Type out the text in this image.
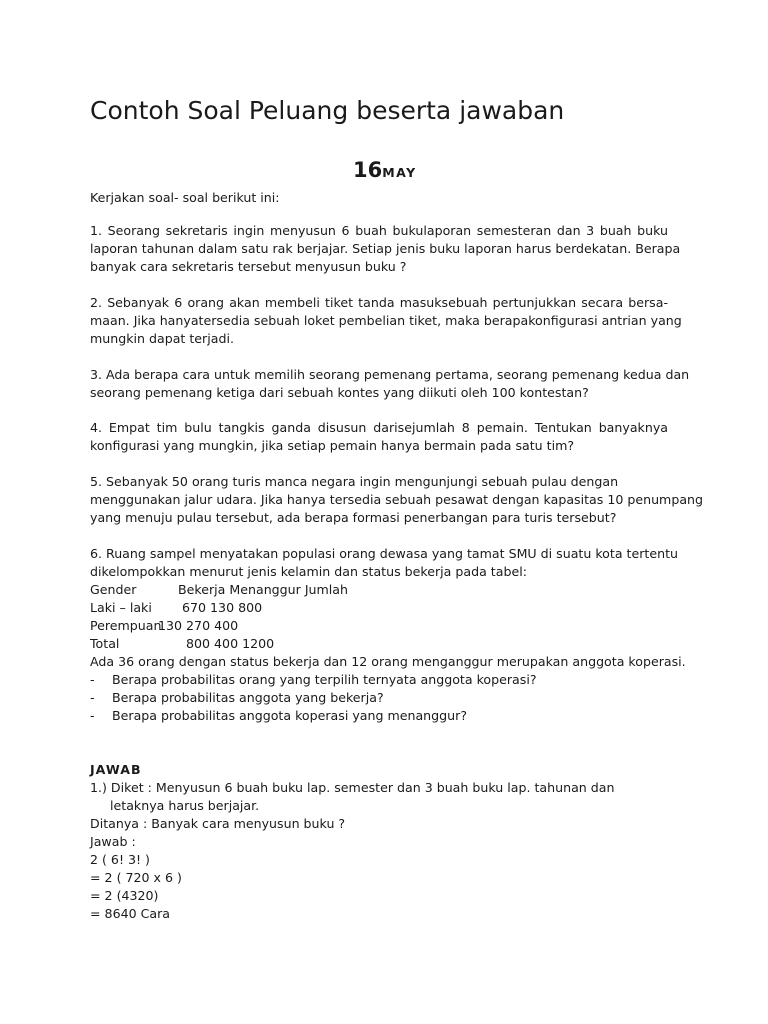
Contoh Soal Peluang beserta jawaban
16MAY
Kerjakan soal- soal berikut ini:
1. Seorang sekretaris ingin menyusun 6 buah bukulaporan semesteran dan 3 buah buku
laporan tahunan dalam satu rak berjajar. Setiap jenis buku laporan harus berdekatan. Berapa
banyak cara sekretaris tersebut menyusun buku ?
2. Sebanyak 6 orang akan membeli tiket tanda masuksebuah pertunjukkan secara bersa-
maan. Jika hanyatersedia sebuah loket pembelian tiket, maka berapakonfigurasi antrian yang
mungkin dapat terjadi.
3. Ada berapa cara untuk memilih seorang pemenang pertama, seorang pemenang kedua dan
seorang pemenang ketiga dari sebuah kontes yang diikuti oleh 100 kontestan?
4. Empat tim bulu tangkis ganda disusun darisejumlah 8 pemain. Tentukan banyaknya
konfigurasi yang mungkin, jika setiap pemain hanya bermain pada satu tim?
5. Sebanyak 50 orang turis manca negara ingin mengunjungi sebuah pulau dengan
menggunakan jalur udara. Jika hanya tersedia sebuah pesawat dengan kapasitas 10 penumpang
yang menuju pulau tersebut, ada berapa formasi penerbangan para turis tersebut?
6. Ruang sampel menyatakan populasi orang dewasa yang tamat SMU di suatu kota tertentu
dikelompokkan menurut jenis kelamin dan status bekerja pada tabel:
Gender	Bekerja Menanggur Jumlah
Laki – laki 670 130 800
Perempuan
130 270 400
Total	800 400 1200
Ada 36 orang dengan status bekerja dan 12 orang menganggur merupakan anggota koperasi.
- Berapa probabilitas orang yang terpilih ternyata anggota koperasi?
- Berapa probabilitas anggota yang bekerja?
- Berapa probabilitas anggota koperasi yang menanggur?
JAWAB
1.) Diket : Menyusun 6 buah buku lap. semester dan 3 buah buku lap. tahunan dan
letaknya harus berjajar.
Ditanya : Banyak cara menyusun buku ?
Jawab :
2 ( 6! 3! )
= 2 ( 720 x 6 )
= 2 (4320)
= 8640 Cara
